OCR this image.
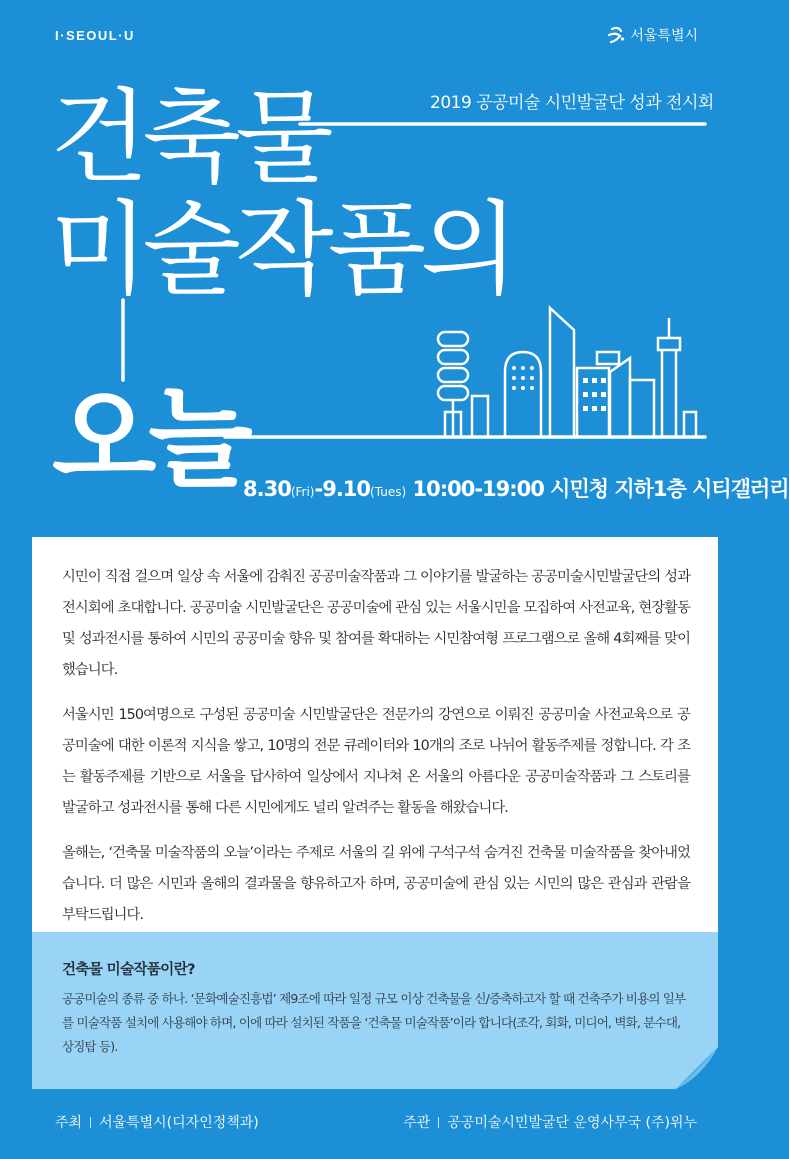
I·SEOUL·U	서울특별시
2019 공공미술 시민발굴단 성과 전시회
건축물
미술작품의
오늘
8.30(Fri)-9.10(Tues) 10:00-19:00 시민청 지하1층 시티갤러리

시민이 직접 걸으며 일상 속 서울에 감춰진 공공미술작품과 그 이야기를 발굴하는 공공미술시민발굴단의 성과전시회에 초대합니다. 공공미술 시민발굴단은 공공미술에 관심 있는 서울시민을 모집하여 사전교육, 현장활동 및 성과전시를 통하여 시민의 공공미술 향유 및 참여를 확대하는 시민참여형 프로그램으로 올해 4회째를 맞이했습니다.

서울시민 150여명으로 구성된 공공미술 시민발굴단은 전문가의 강연으로 이뤄진 공공미술 사전교육으로 공공미술에 대한 이론적 지식을 쌓고, 10명의 전문 큐레이터와 10개의 조로 나뉘어 활동주제를 정합니다. 각 조는 활동주제를 기반으로 서울을 답사하여 일상에서 지나쳐 온 서울의 아름다운 공공미술작품과 그 스토리를 발굴하고 성과전시를 통해 다른 시민에게도 널리 알려주는 활동을 해왔습니다.

올해는, ‘건축물 미술작품의 오늘’이라는 주제로 서울의 길 위에 구석구석 숨겨진 건축물 미술작품을 찾아내었습니다. 더 많은 시민과 올해의 결과물을 향유하고자 하며, 공공미술에 관심 있는 시민의 많은 관심과 관람을 부탁드립니다.

건축물 미술작품이란?
공공미술의 종류 중 하나. ‘문화예술진흥법’ 제9조에 따라 일정 규모 이상 건축물을 신/증축하고자 할 때 건축주가 비용의 일부를 미술작품 설치에 사용해야 하며, 이에 따라 설치된 작품을 ‘건축물 미술작품’이라 합니다(조각, 회화, 미디어, 벽화, 분수대, 상징탑 등).
주최 서울특별시(디자인정책과)	주관 공공미술시민발굴단 운영사무국 (주)위누
